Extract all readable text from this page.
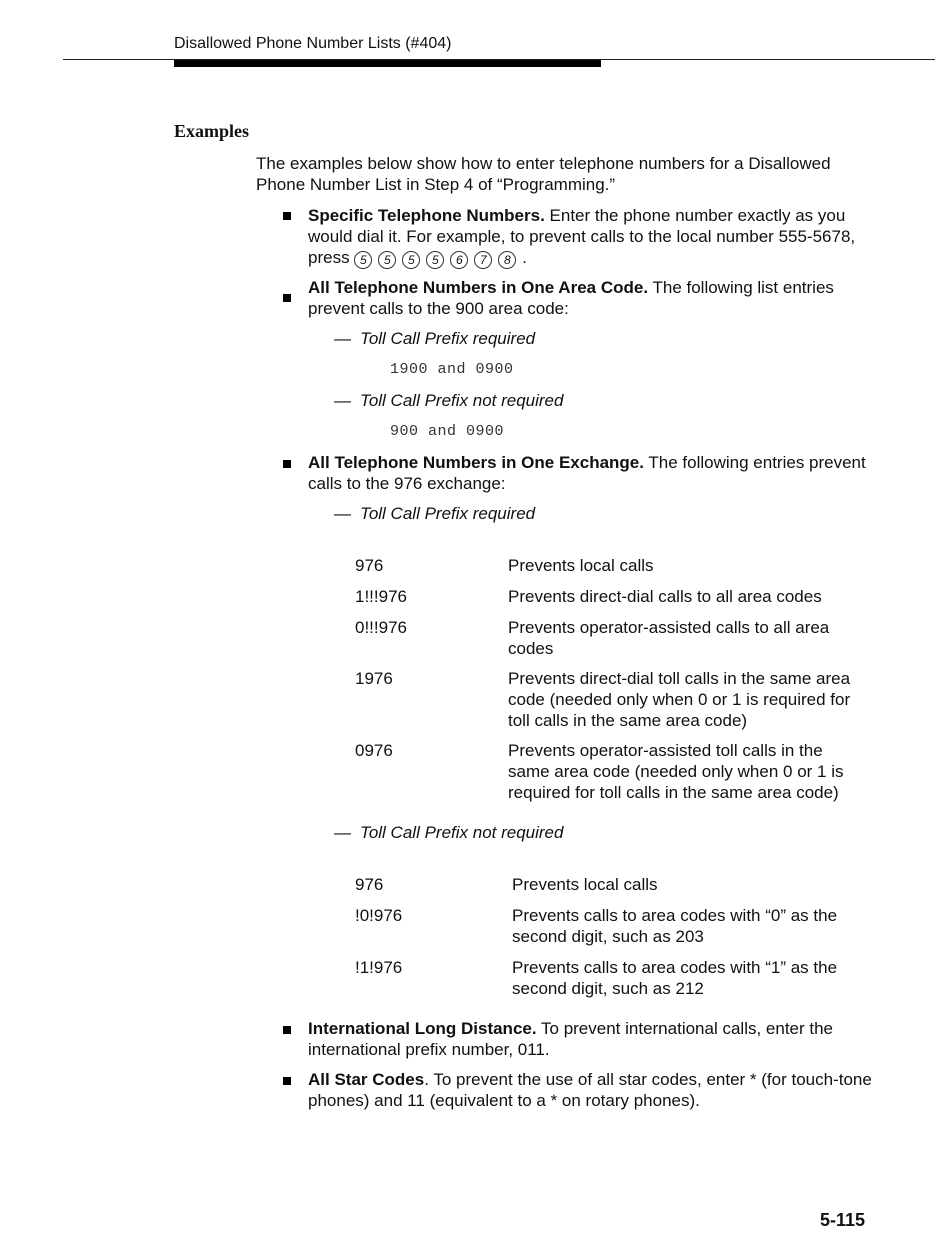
Disallowed Phone Number Lists (#404)
Examples
The examples below show how to enter telephone numbers for a Disallowed Phone Number List in Step 4 of “Programming.”
Specific Telephone Numbers. Enter the phone number exactly as you would dial it. For example, to prevent calls to the local number 555-5678, press 5 5 5 5 6 7 8 .
All Telephone Numbers in One Area Code. The following list entries prevent calls to the 900 area code:
— Toll Call Prefix required
1900 and 0900
— Toll Call Prefix not required
900 and 0900
All Telephone Numbers in One Exchange. The following entries prevent calls to the 976 exchange:
— Toll Call Prefix required
976	Prevents local calls
1!!!976	Prevents direct-dial calls to all area codes
0!!!976	Prevents operator-assisted calls to all area codes
1976	Prevents direct-dial toll calls in the same area code (needed only when 0 or 1 is required for toll calls in the same area code)
0976	Prevents operator-assisted toll calls in the same area code (needed only when 0 or 1 is required for toll calls in the same area code)
— Toll Call Prefix not required
976	Prevents local calls
!0!976	Prevents calls to area codes with “0” as the second digit, such as 203
!1!976	Prevents calls to area codes with “1” as the second digit, such as 212
International Long Distance. To prevent international calls, enter the international prefix number, 011.
All Star Codes. To prevent the use of all star codes, enter * (for touch-tone phones) and 11 (equivalent to a * on rotary phones).
5-115
